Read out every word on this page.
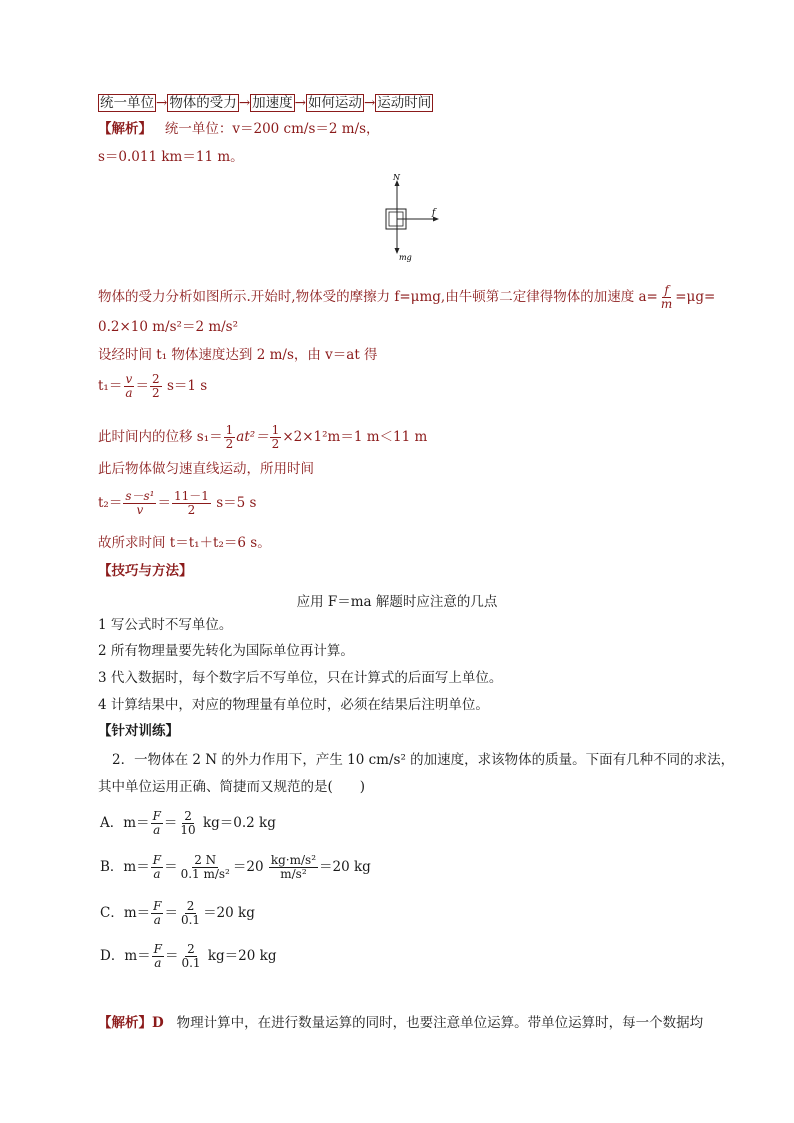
统一单位 → 物体的受力 → 加速度 → 如何运动 → 运动时间
【解析】 统一单位：v＝200 cm/s＝2 m/s，
s＝0.011 km＝11 m。
N
f
mg
物体的受力分析如图所示.开始时,物体受的摩擦力 f=μmg,由牛顿第二定律得物体的加速度 $a= \frac{f}{m} =\mu g=$
0.2×10 m/s²＝2 m/s²
设经时间 t₁ 物体速度达到 2 m/s，由 v＝at 得
$t_1= \frac{v}{a} = \frac{2}{2} s=1$ s
此时间内的位移 $s_1= \frac{1}{2} at^2= \frac{1}{2} \times 2\times 1^2m=1$ m＜11 m
此后物体做匀速直线运动，所用时间
$t_2= \frac{\text{s－s¹}}{v} = \frac{11-1}{2} s=5$ s
故所求时间 t＝t₁＋t₂＝6 s。
【技巧与方法】
应用 F＝ma 解题时应注意的几点
1 写公式时不写单位。
2 所有物理量要先转化为国际单位再计算。
3 代入数据时，每个数字后不写单位，只在计算式的后面写上单位。
4 计算结果中，对应的物理量有单位时，必须在结果后注明单位。
【针对训练】
2．一物体在 2 N 的外力作用下，产生 10 cm/s² 的加速度，求该物体的质量。下面有几种不同的求法，
其中单位运用正确、简捷而又规范的是(　　)
A．$m= \frac{F}{a} = \frac{2}{10} kg=0.2$ kg
B．$m= \frac{F}{a} = \frac{2 N}{\text{0.1 m/s²}} =20 \frac{\text{kg·m/s²}}{\text{m/s²}} =20$ kg
C．$m= \frac{F}{a} = \frac{2}{0.1} =20$ kg
D．$m= \frac{F}{a} = \frac{2}{0.1} kg=20$ kg
【解析】D 物理计算中，在进行数量运算的同时，也要注意单位运算。带单位运算时，每一个数据均
